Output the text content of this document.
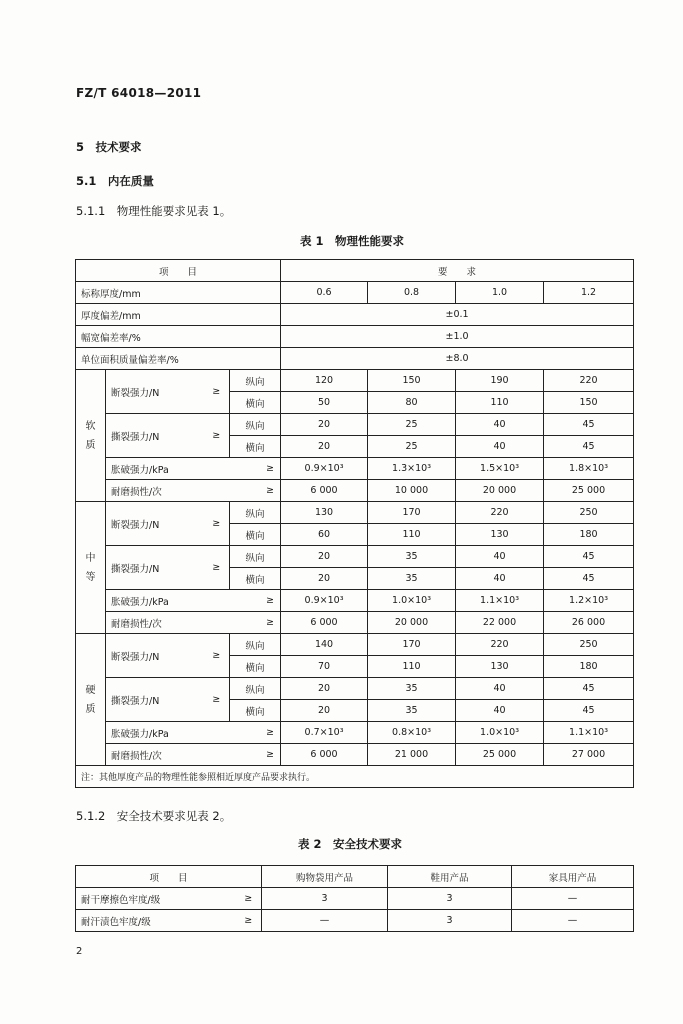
FZ/T 64018—2011
5　技术要求
5.1　内在质量
5.1.1　物理性能要求见表 1。
表 1　物理性能要求
项　　目				要　　求			
标称厚度/mm				0.6	0.8	1.0	1.2
厚度偏差/mm				±0.1			
幅宽偏差率/%				±1.0			
单位面积质量偏差率/%				±8.0			
软
质	断裂强力/N	≥	纵向	120	150	190	220
			横向	50	80	110	150
	撕裂强力/N	≥	纵向	20	25	40	45
			横向	20	25	40	45
	胀破强力/kPa		≥	0.9×10³	1.3×10³	1.5×10³	1.8×10³
	耐磨损性/次		≥	6 000	10 000	20 000	25 000
中
等	断裂强力/N	≥	纵向	130	170	220	250
			横向	60	110	130	180
	撕裂强力/N	≥	纵向	20	35	40	45
			横向	20	35	40	45
	胀破强力/kPa		≥	0.9×10³	1.0×10³	1.1×10³	1.2×10³
	耐磨损性/次		≥	6 000	20 000	22 000	26 000
硬
质	断裂强力/N	≥	纵向	140	170	220	250
			横向	70	110	130	180
	撕裂强力/N	≥	纵向	20	35	40	45
			横向	20	35	40	45
	胀破强力/kPa		≥	0.7×10³	0.8×10³	1.0×10³	1.1×10³
	耐磨损性/次		≥	6 000	21 000	25 000	27 000
注：其他厚度产品的物理性能参照相近厚度产品要求执行。							
5.1.2　安全技术要求见表 2。
表 2　安全技术要求
项　　目		购物袋用产品	鞋用产品	家具用产品
耐干摩擦色牢度/级	≥	3	3	—
耐汗渍色牢度/级	≥	—	3	—
2
